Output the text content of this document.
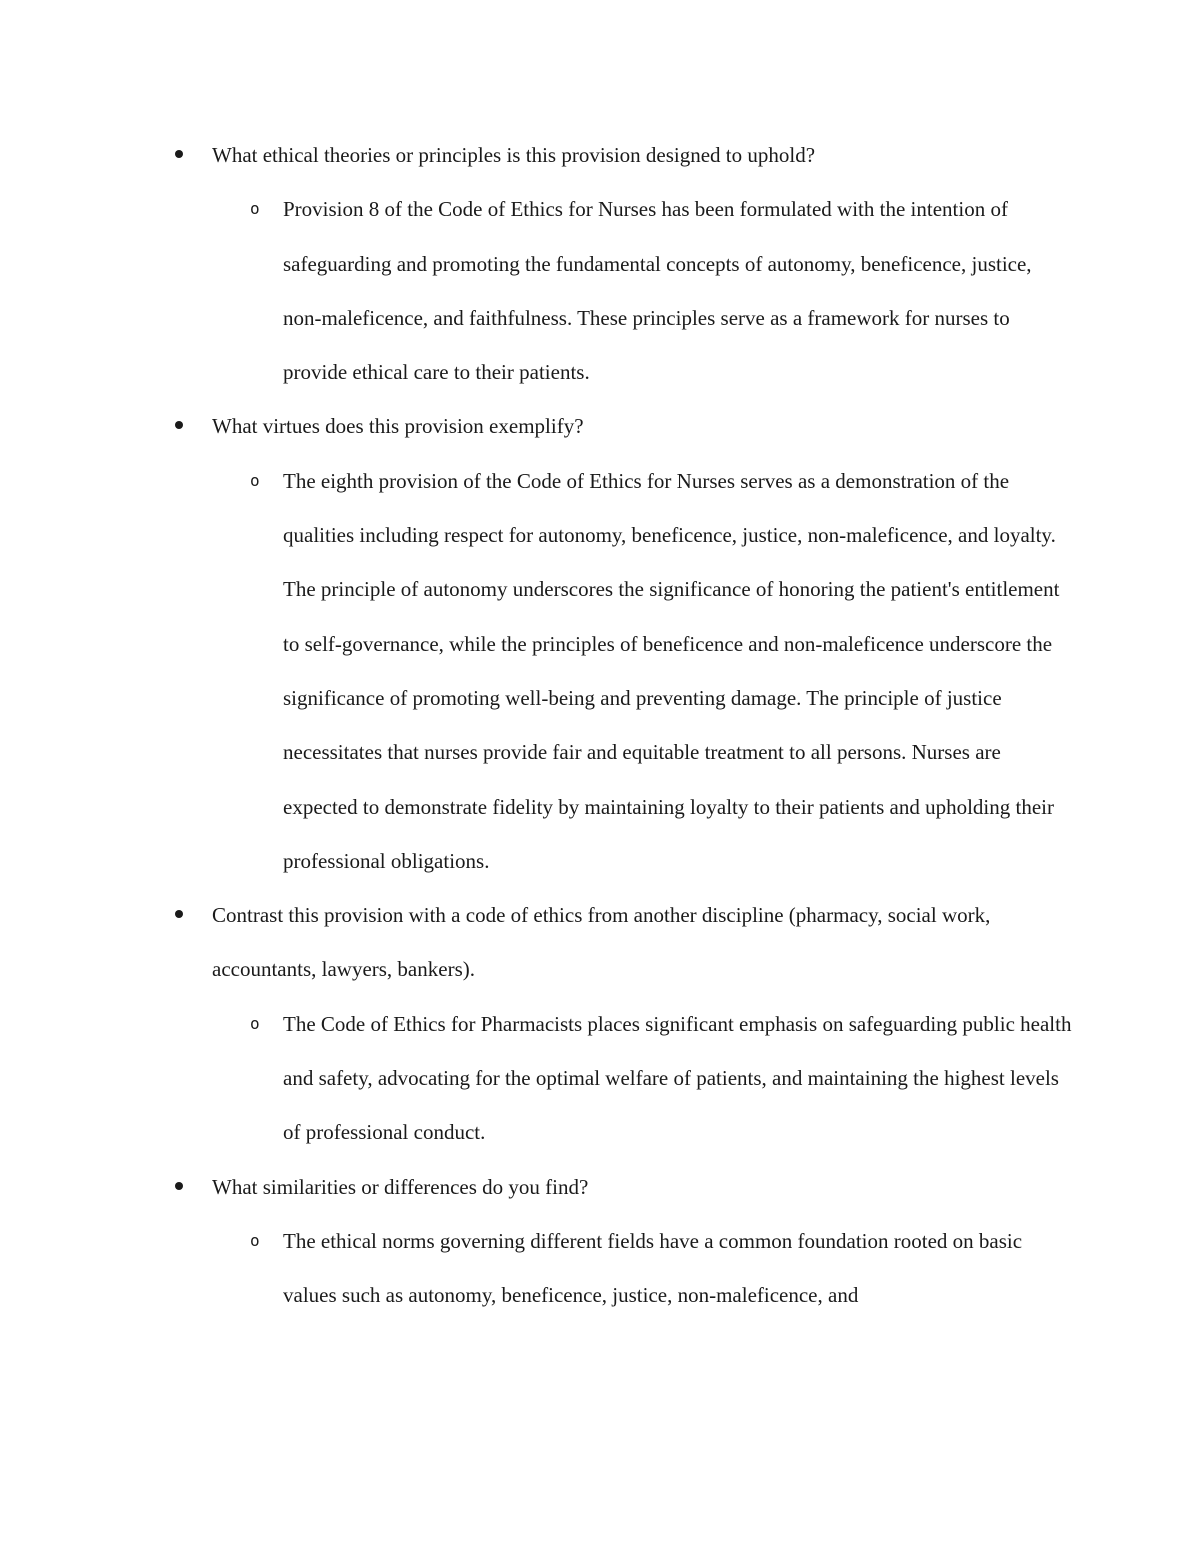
What ethical theories or principles is this provision designed to uphold?
o Provision 8 of the Code of Ethics for Nurses has been formulated with the intention of safeguarding and promoting the fundamental concepts of autonomy, beneficence, justice, non-maleficence, and faithfulness. These principles serve as a framework for nurses to provide ethical care to their patients.
What virtues does this provision exemplify?
o The eighth provision of the Code of Ethics for Nurses serves as a demonstration of the qualities including respect for autonomy, beneficence, justice, non-maleficence, and loyalty. The principle of autonomy underscores the significance of honoring the patient's entitlement to self-governance, while the principles of beneficence and non-maleficence underscore the significance of promoting well-being and preventing damage. The principle of justice necessitates that nurses provide fair and equitable treatment to all persons. Nurses are expected to demonstrate fidelity by maintaining loyalty to their patients and upholding their professional obligations.
Contrast this provision with a code of ethics from another discipline (pharmacy, social work, accountants, lawyers, bankers).
o The Code of Ethics for Pharmacists places significant emphasis on safeguarding public health and safety, advocating for the optimal welfare of patients, and maintaining the highest levels of professional conduct.
What similarities or differences do you find?
o The ethical norms governing different fields have a common foundation rooted on basic values such as autonomy, beneficence, justice, non-maleficence, and
